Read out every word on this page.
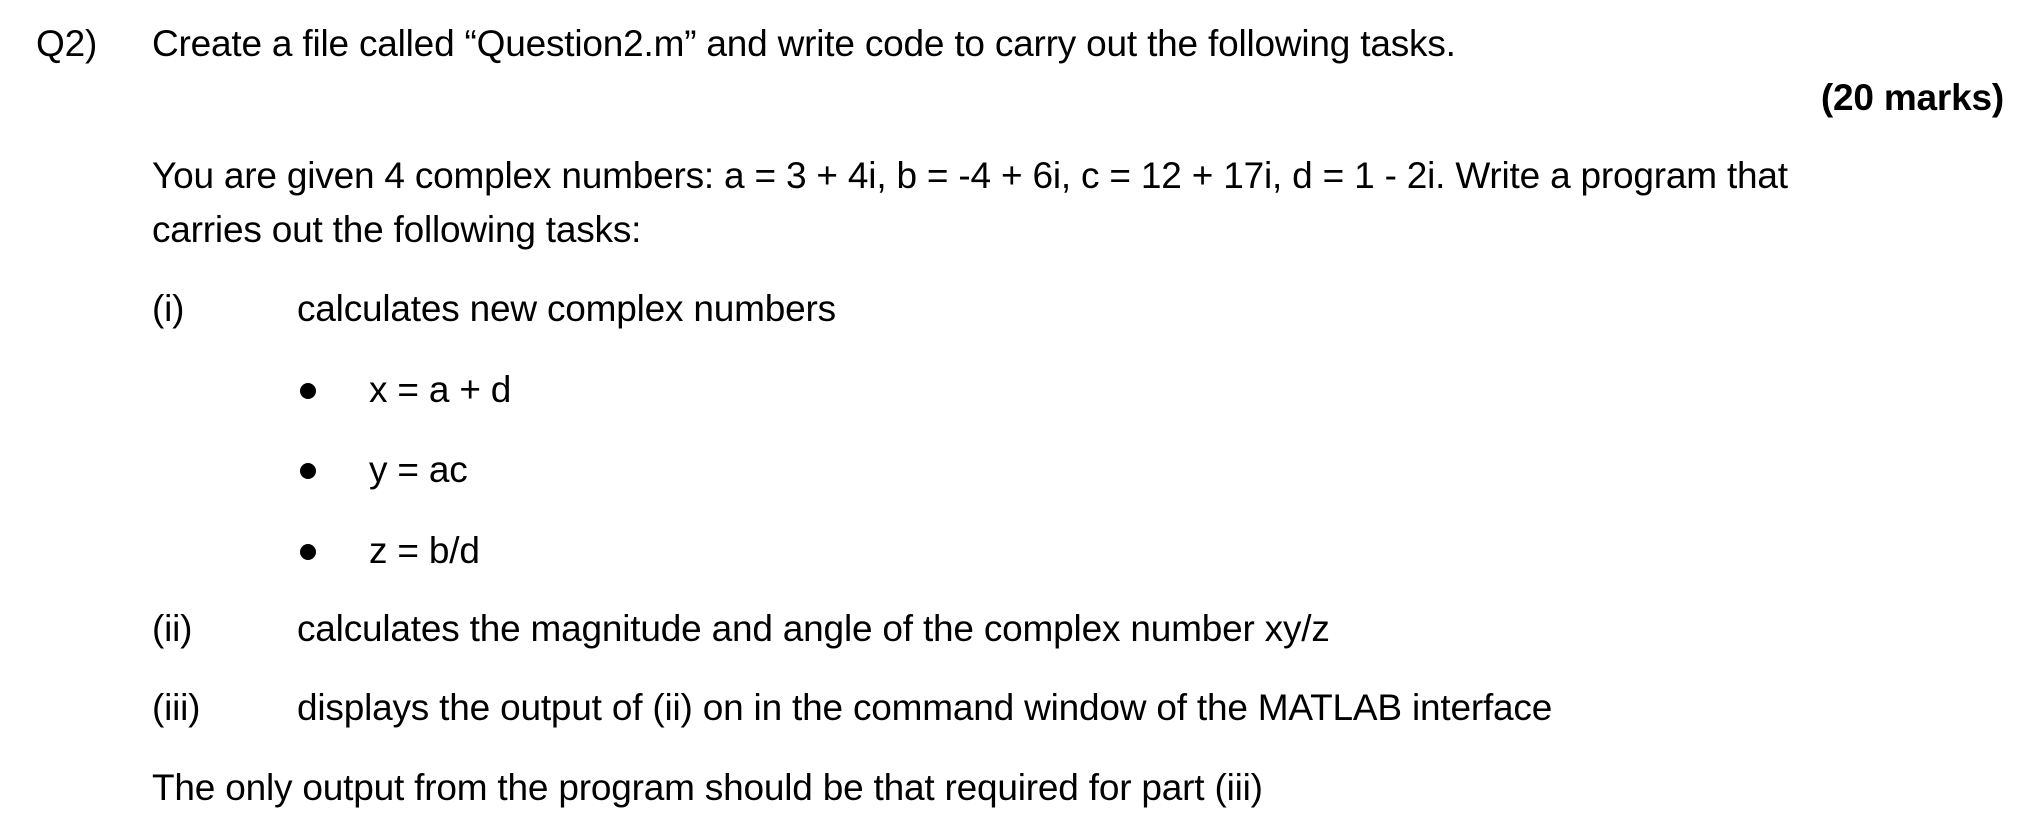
Q2) Create a file called “Question2.m” and write code to carry out the following tasks.
(20 marks)
You are given 4 complex numbers: a = 3 + 4i, b = -4 + 6i, c = 12 + 17i, d = 1 - 2i. Write a program that
carries out the following tasks:
(i)	calculates new complex numbers
x = a + d
y = ac
z = b/d
(ii)	calculates the magnitude and angle of the complex number xy/z
(iii)	displays the output of (ii) on in the command window of the MATLAB interface
The only output from the program should be that required for part (iii)
